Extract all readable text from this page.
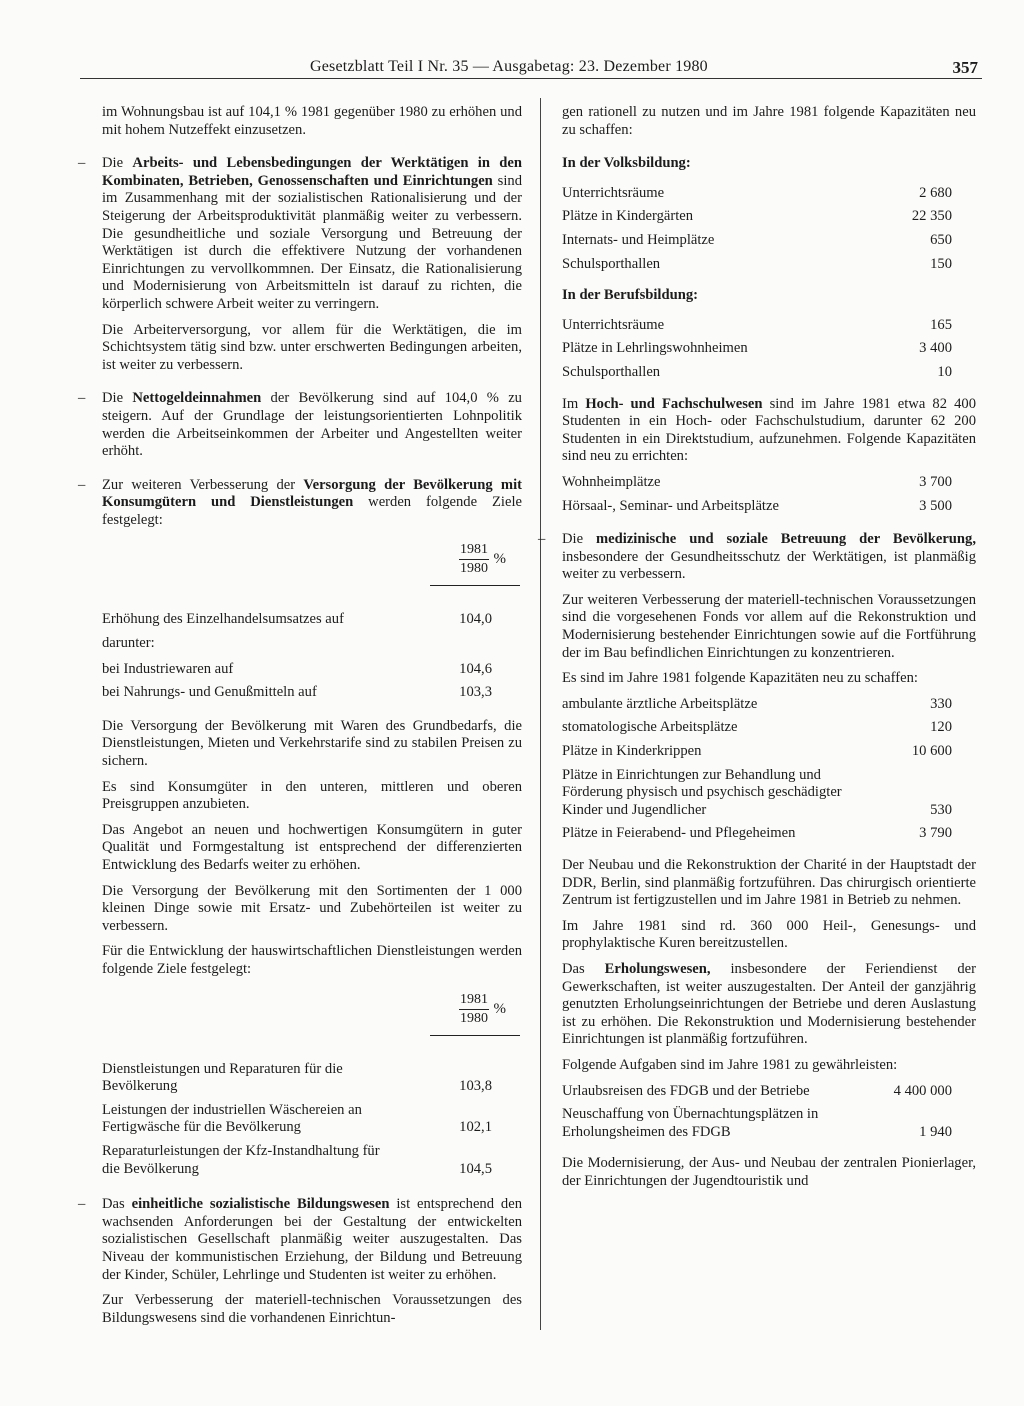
Gesetzblatt Teil I Nr. 35 — Ausgabetag: 23. Dezember 1980	357

im Wohnungsbau ist auf 104,1 % 1981 gegenüber 1980 zu erhöhen und mit hohem Nutzeffekt einzusetzen.

– Die Arbeits- und Lebensbedingungen der Werktätigen in den Kombinaten, Betrieben, Genossenschaften und Einrichtungen sind im Zusammenhang mit der sozialistischen Rationalisierung und der Steigerung der Arbeitsproduktivität planmäßig weiter zu verbessern. Die gesundheitliche und soziale Versorgung und Betreuung der Werktätigen ist durch die effektivere Nutzung der vorhandenen Einrichtungen zu vervollkommnen. Der Einsatz, die Rationalisierung und Modernisierung von Arbeitsmitteln ist darauf zu richten, die körperlich schwere Arbeit weiter zu verringern.

Die Arbeiterversorgung, vor allem für die Werktätigen, die im Schichtsystem tätig sind bzw. unter erschwerten Bedingungen arbeiten, ist weiter zu verbessern.

– Die Nettogeldeinnahmen der Bevölkerung sind auf 104,0 % zu steigern. Auf der Grundlage der leistungsorientierten Lohnpolitik werden die Arbeitseinkommen der Arbeiter und Angestellten weiter erhöht.

– Zur weiteren Verbesserung der Versorgung der Bevölkerung mit Konsumgütern und Dienstleistungen werden folgende Ziele festgelegt:

1981
1980
%
Erhöhung des Einzelhandelsumsatzes auf	104,0
darunter:
bei Industriewaren auf	104,6
bei Nahrungs- und Genußmitteln auf	103,3

Die Versorgung der Bevölkerung mit Waren des Grundbedarfs, die Dienstleistungen, Mieten und Verkehrstarife sind zu stabilen Preisen zu sichern.

Es sind Konsumgüter in den unteren, mittleren und oberen Preisgruppen anzubieten.

Das Angebot an neuen und hochwertigen Konsumgütern in guter Qualität und Formgestaltung ist entsprechend der differenzierten Entwicklung des Bedarfs weiter zu erhöhen.

Die Versorgung der Bevölkerung mit den Sortimenten der 1 000 kleinen Dinge sowie mit Ersatz- und Zubehörteilen ist weiter zu verbessern.

Für die Entwicklung der hauswirtschaftlichen Dienstleistungen werden folgende Ziele festgelegt:

1981
1980
%
Dienstleistungen und Reparaturen für die Bevölkerung	103,8
Leistungen der industriellen Wäschereien an Fertigwäsche für die Bevölkerung	102,1
Reparaturleistungen der Kfz-Instandhaltung für die Bevölkerung	104,5
– Das einheitliche sozialistische Bildungswesen ist entsprechend den wachsenden Anforderungen bei der Gestaltung der entwickelten sozialistischen Gesellschaft planmäßig weiter auszugestalten. Das Niveau der kommunistischen Erziehung, der Bildung und Betreuung der Kinder, Schüler, Lehrlinge und Studenten ist weiter zu erhöhen.

Zur Verbesserung der materiell-technischen Voraussetzungen des Bildungswesens sind die vorhandenen Einrichtun-

gen rationell zu nutzen und im Jahre 1981 folgende Kapazitäten neu zu schaffen:

In der Volksbildung:
Unterrichtsräume	2 680
Plätze in Kindergärten	22 350
Internats- und Heimplätze	650
Schulsporthallen	150
In der Berufsbildung:
Unterrichtsräume	165
Plätze in Lehrlingswohnheimen	3 400
Schulsporthallen	10

Im Hoch- und Fachschulwesen sind im Jahre 1981 etwa 82 400 Studenten in ein Hoch- oder Fachschulstudium, darunter 62 200 Studenten in ein Direktstudium, aufzunehmen. Folgende Kapazitäten sind neu zu errichten:

Wohnheimplätze	3 700
Hörsaal-, Seminar- und Arbeitsplätze	3 500
– Die medizinische und soziale Betreuung der Bevölkerung, insbesondere der Gesundheitsschutz der Werktätigen, ist planmäßig weiter zu verbessern.

Zur weiteren Verbesserung der materiell-technischen Voraussetzungen sind die vorgesehenen Fonds vor allem auf die Rekonstruktion und Modernisierung bestehender Einrichtungen sowie auf die Fortführung der im Bau befindlichen Einrichtungen zu konzentrieren.

Es sind im Jahre 1981 folgende Kapazitäten neu zu schaffen:

ambulante ärztliche Arbeitsplätze	330
stomatologische Arbeitsplätze	120
Plätze in Kinderkrippen	10 600
Plätze in Einrichtungen zur Behandlung und Förderung physisch und psychisch geschädigter Kinder und Jugendlicher	530
Plätze in Feierabend- und Pflegeheimen	3 790

Der Neubau und die Rekonstruktion der Charité in der Hauptstadt der DDR, Berlin, sind planmäßig fortzuführen. Das chirurgisch orientierte Zentrum ist fertigzustellen und im Jahre 1981 in Betrieb zu nehmen.

Im Jahre 1981 sind rd. 360 000 Heil-, Genesungs- und prophylaktische Kuren bereitzustellen.

Das Erholungswesen, insbesondere der Feriendienst der Gewerkschaften, ist weiter auszugestalten. Der Anteil der ganzjährig genutzten Erholungseinrichtungen der Betriebe und deren Auslastung ist zu erhöhen. Die Rekonstruktion und Modernisierung bestehender Einrichtungen ist planmäßig fortzuführen.

Folgende Aufgaben sind im Jahre 1981 zu gewährleisten:

Urlaubsreisen des FDGB und der Betriebe	4 400 000
Neuschaffung von Übernachtungsplätzen in Erholungsheimen des FDGB	1 940

Die Modernisierung, der Aus- und Neubau der zentralen Pionierlager, der Einrichtungen der Jugendtouristik und
